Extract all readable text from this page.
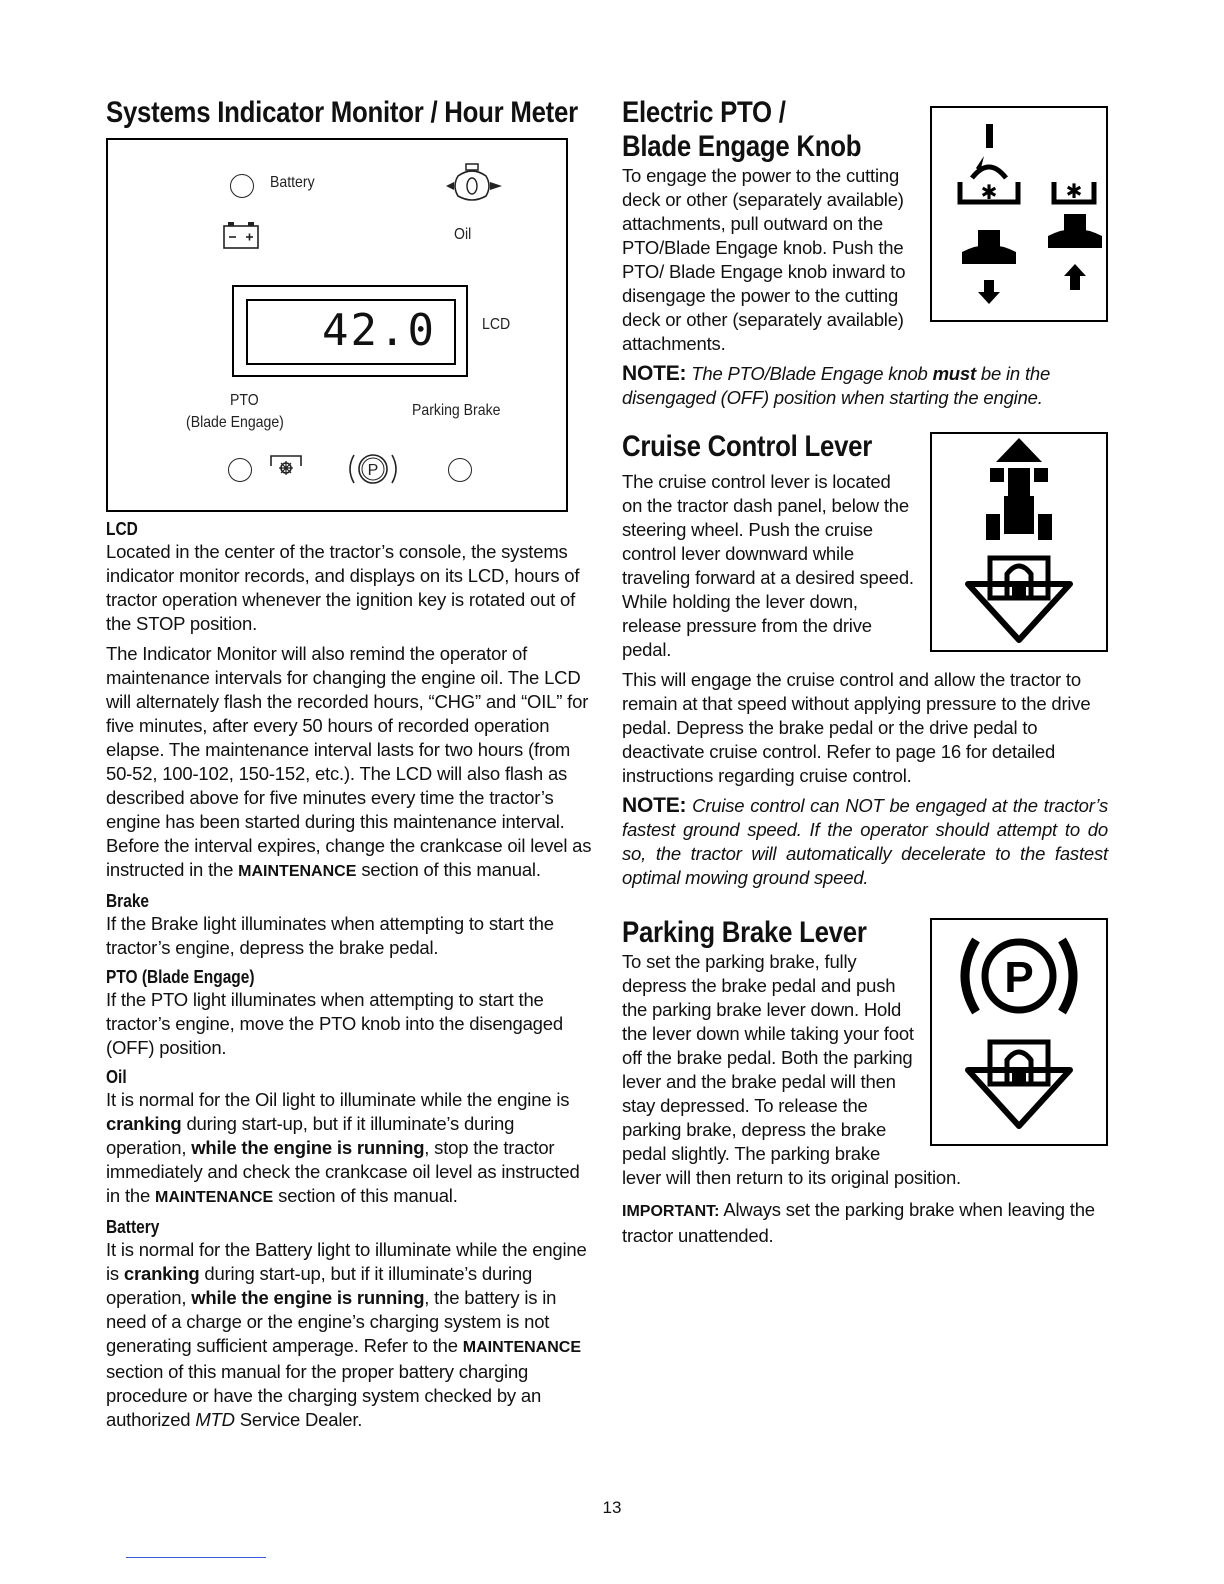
Systems Indicator Monitor / Hour Meter
Battery
Oil
42.0	LCD
PTO
(Blade Engage)
Parking Brake
P
LCD

Located in the center of the tractor’s console, the systems indicator monitor records, and displays on its LCD, hours of tractor operation whenever the ignition key is rotated out of the STOP position.

The Indicator Monitor will also remind the operator of maintenance intervals for changing the engine oil. The LCD will alternately flash the recorded hours, “CHG” and “OIL” for five minutes, after every 50 hours of recorded operation elapse. The maintenance interval lasts for two hours (from 50-52, 100-102, 150-152, etc.). The LCD will also flash as described above for five minutes every time the tractor’s engine has been started during this maintenance interval. Before the interval expires, change the crankcase oil level as instructed in the MAINTENANCE section of this manual.

Brake

If the Brake light illuminates when attempting to start the tractor’s engine, depress the brake pedal.

PTO (Blade Engage)

If the PTO light illuminates when attempting to start the tractor’s engine, move the PTO knob into the disengaged (OFF) position.

Oil

It is normal for the Oil light to illuminate while the engine is cranking during start-up, but if it illuminate’s during operation, while the engine is running, stop the tractor immediately and check the crankcase oil level as instructed in the MAINTENANCE section of this manual.

Battery

It is normal for the Battery light to illuminate while the engine is cranking during start-up, but if it illuminate’s during operation, while the engine is running, the battery is in need of a charge or the engine’s charging system is not generating sufficient amperage. Refer to the MAINTENANCE section of this manual for the proper battery charging procedure or have the charging system checked by an authorized MTD Service Dealer.

✱	✱
Electric PTO /
Blade Engage Knob

To engage the power to the cutting deck or other (separately available) attachments, pull outward on the PTO/Blade Engage knob. Push the PTO/ Blade Engage knob inward to disengage the power to the cutting deck or other (separately available) attachments.

NOTE: The PTO/Blade Engage knob must be in the disengaged (OFF) position when starting the engine.

Cruise Control Lever

The cruise control lever is located on the tractor dash panel, below the steering wheel. Push the cruise control lever downward while traveling forward at a desired speed. While holding the lever down, release pressure from the drive pedal.

This will engage the cruise control and allow the tractor to remain at that speed without applying pressure to the drive pedal. Depress the brake pedal or the drive pedal to deactivate cruise control. Refer to page 16 for detailed instructions regarding cruise control.

NOTE: Cruise control can NOT be engaged at the tractor’s fastest ground speed. If the operator should attempt to do so, the tractor will automatically decelerate to the fastest optimal mowing ground speed.

P
Parking Brake Lever

To set the parking brake, fully depress the brake pedal and push the parking brake lever down. Hold the lever down while taking your foot off the brake pedal. Both the parking lever and the brake pedal will then stay depressed. To release the parking brake, depress the brake pedal slightly. The parking brake lever will then return to its original position.

IMPORTANT: Always set the parking brake when leaving the tractor unattended.

13
